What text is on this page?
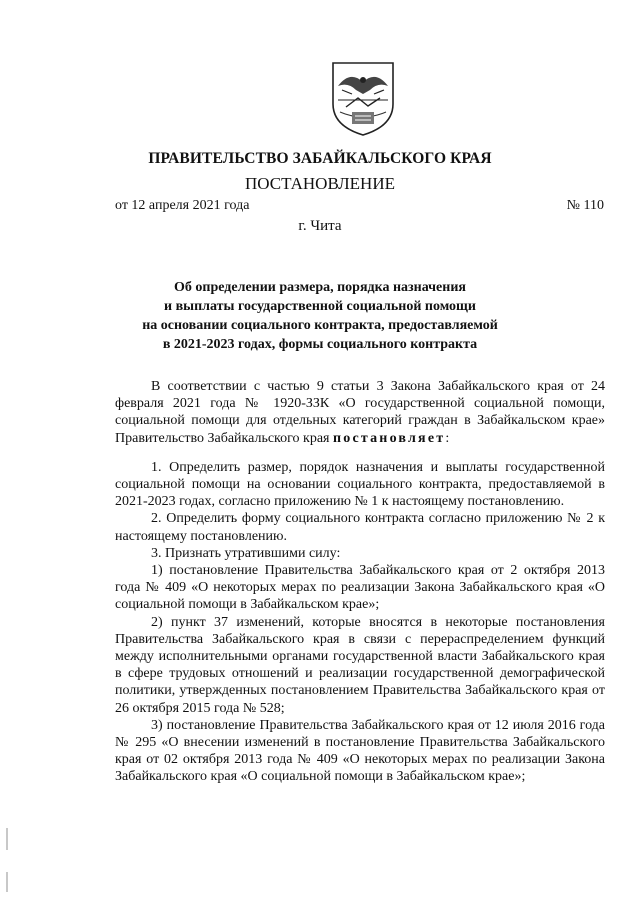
ПРАВИТЕЛЬСТВО ЗАБАЙКАЛЬСКОГО КРАЯ
ПОСТАНОВЛЕНИЕ
от 12 апреля 2021 года	№ 110
г. Чита
Об определении размера, порядка назначения
и выплаты государственной социальной помощи
на основании социального контракта, предоставляемой
в 2021-2023 годах, формы социального контракта

В соответствии с частью 9 статьи 3 Закона Забайкальского края от 24 февраля 2021 года № 1920-ЗЗК «О государственной социальной помощи, социальной помощи для отдельных категорий граждан в Забайкальском крае» Правительство Забайкальского края постановляет:

1. Определить размер, порядок назначения и выплаты государственной социальной помощи на основании социального контракта, предоставляемой в 2021-2023 годах, согласно приложению № 1 к настоящему постановлению.

2. Определить форму социального контракта согласно приложению № 2 к настоящему постановлению.

3. Признать утратившими силу:

1) постановление Правительства Забайкальского края от 2 октября 2013 года № 409 «О некоторых мерах по реализации Закона Забайкальского края «О социальной помощи в Забайкальском крае»;

2) пункт 37 изменений, которые вносятся в некоторые постановления Правительства Забайкальского края в связи с перераспределением функций между исполнительными органами государственной власти Забайкальского края в сфере трудовых отношений и реализации государственной демографической политики, утвержденных постановлением Правительства Забайкальского края от 26 октября 2015 года № 528;

3) постановление Правительства Забайкальского края от 12 июля 2016 года № 295 «О внесении изменений в постановление Правительства Забайкальского края от 02 октября 2013 года № 409 «О некоторых мерах по реализации Закона Забайкальского края «О социальной помощи в Забайкальском крае»;
